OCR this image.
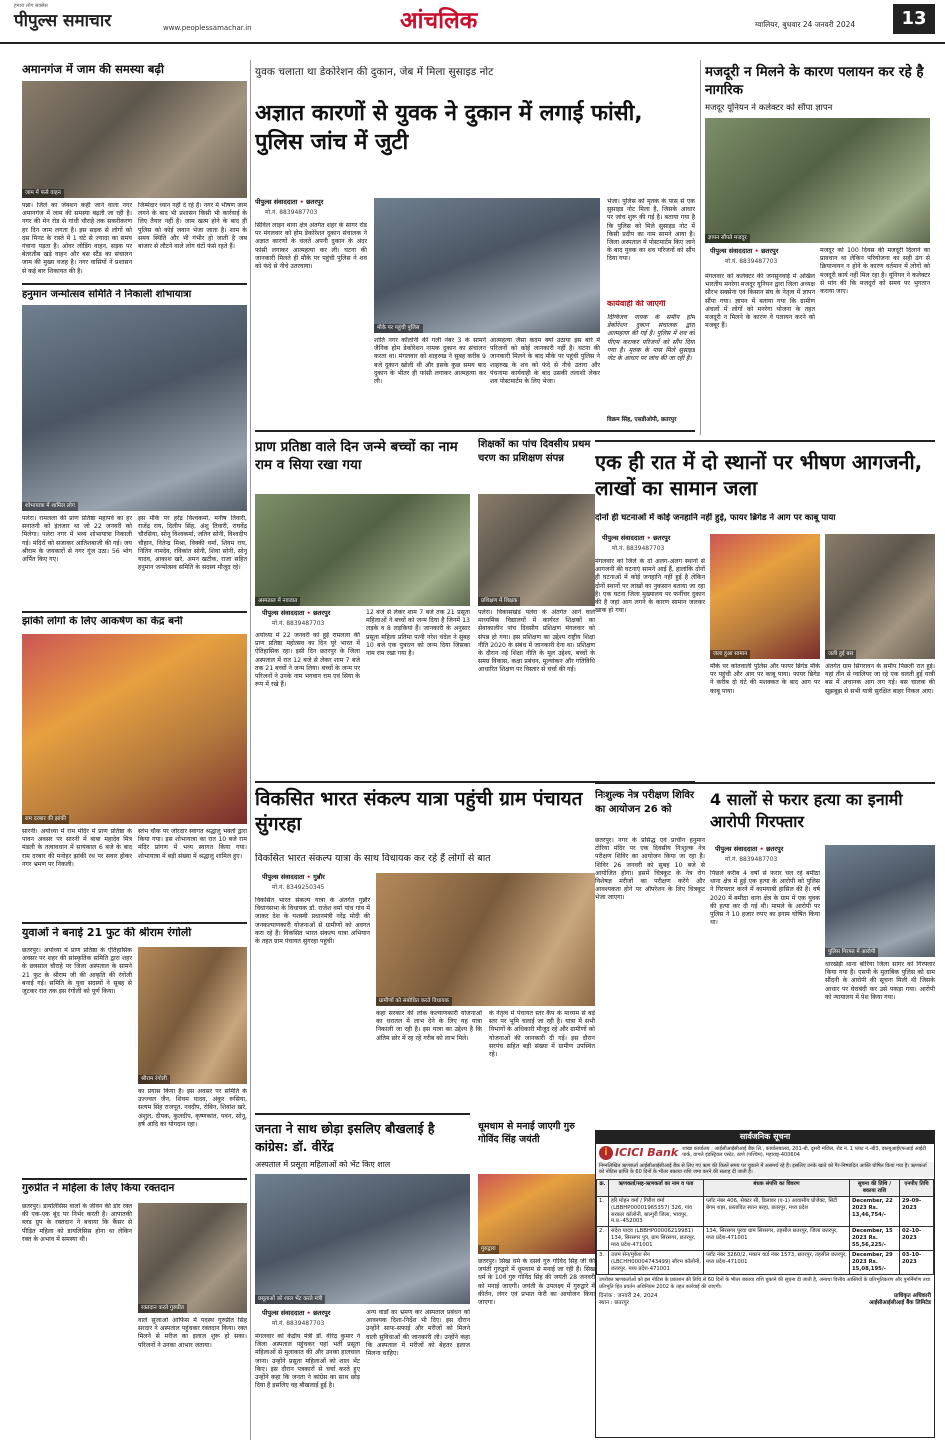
हमारा लोग सक्सेस
पीपुल्स समाचार	www.peoplessamachar.in	आंचलिक	ग्वालियर, बुधवार 24 जनवरी 2024	13
अमानगंज में जाम की समस्या बढ़ी
जाम में फंसे वाहन
पन्ना। जिले का जंक्शन कहीं जाने वाला नगर अमानगंज में जाम की समस्या बढ़ती जा रही है। नगर की मेन रोड से गांधी चौराहे तक सकरीकरण हर दिन जाम लगता है। इस सड़क से लोगों को दस मिनट के रास्ते में 1 घंटे से ज्यादा का समय गंवाना पड़ता है। ओवर लोडिंग वाहन, सड़क पर बेतरतीब खड़े वाहन और बस स्टैंड का संचालन जाम की मुख्य वजह है। नगर वासियों ने प्रशासन से कई बार शिकायत की है।
जिम्मेदार ध्यान नहीं दे रहे हैं। नगर में भीषण जाम लगने के बाद भी प्रशासन किसी भी कार्रवाई के लिए तैयार नहीं है। जाम खत्म होने के बाद ही पुलिस को कोई जवान भेजा जाता है। शाम के समय स्थिति और भी गंभीर हो जाती है जब बाजार से लौटने वाले लोग घंटों फंसे रहते हैं।
हनुमान जन्मोत्सव समिति ने निकाली शोभायात्रा
शोभायात्रा में शामिल लोग
पलेरा। रामलला की प्राण प्रतिष्ठा महापर्व का हर सनातनी को इंतजार था जो 22 जनवरी को मिलेगा। पलेरा नगर में भव्य शोभायात्रा निकाली गई। मंदिरों को सजाकर आतिशबाजी की गई। जय श्रीराम के जयकारों से नगर गूंज उठा। 56 भोग अर्पित किए गए।
इस मौके पर हरेंद्र विश्वकर्मा, मनीष तिवारी, राजेंद्र राय, दिलीप सिंह, अंशु तिवारी, राघवेंद्र चौरसिया, सोनू विश्वकर्मा, जतिन सोनी, विश्वदीप चौहान, नितेन्द्र मिश्रा, विक्की वर्मा, शिवम राय, नितिन नामदेव, रविकांत सोनी, शिवा सोनी, सोनू यादव, आकाश खरे, अमन खटीक, राजा सहित हनुमान जन्मोत्सव समिति के सदस्य मौजूद रहे।
झांकी लोगों के लिए आकर्षण का केंद्र बनी
राम दरबार की झांकी
सारनी। अयोध्या में राम मंदिर में प्राण प्रतिष्ठा के पावन अवसर पर सारनी में बाबा महादेव मित्र मंडली के तत्वावधान में सायंकाल 6 बजे के बाद राम दरबार की मनोहर झांकी रथ पर सवार होकर नगर भ्रमण पर निकली।
स्तंभ चौक पर जोरदार स्वागत श्रद्धालु भक्तों द्वारा किया गया। इस शोभायात्रा का रात 10 बजे राम मंदिर प्रांगण में भव्य स्वागत किया गया। शोभायात्रा में बड़ी संख्या में श्रद्धालु शामिल हुए।
युवाओं ने बनाई 21 फुट की श्रीराम रंगोली
छतरपुर। अयोध्या में प्राण प्रतिष्ठा के ऐतिहासिक अवसर पर शहर की सांस्कृतिक समिति द्वारा शहर के छत्रसाल चौराहे पर जिला अस्पताल के सामने 21 फुट के श्रीराम जी की आकृति की रंगोली बनाई गई। समिति के युवा सदस्यों ने सुबह से जुटकर रात तक इस रंगोली को पूर्ण किया।
श्रीराम रंगोली
का प्रयास किया है। इस अवसर पर समिति के उज्ज्वल जैन, शिवम यादव, अंकुर रूसिया, सत्यम सिंह राजपूत, नवदीप, रोबिन, शिवांश खरे, अंशुल, दीपक, कुलदीप, कृष्णकांत, पवन, सोनू, हर्ष आदि का योगदान रहा।
गुरुप्रीत ने महिला के लिए किया रक्तदान
छतरपुर। डायलिसिस वालों के जीवन की डोर रक्त की एक-एक बूंद पर निर्भर करती है। आपातकी ब्लड ग्रुप के रक्तदान ने बचाया कि कैंसर से पीड़ित महिला को डायलिसिस होना था लेकिन रक्त के अभाव में समस्या थी।
रक्तदान करते गुरुप्रीत
वाले सुजाओ आफिस में पदस्थ गुरुप्रीत सिंह सरदार ने अस्पताल पहुंचकर रक्तदान किया। रक्त मिलने से मरीज का इलाज शुरू हो सका। परिजनों ने उनका आभार जताया।
युवक चलाता था डेकोरेशन की दुकान, जेब में मिला सुसाइड नोट
अज्ञात कारणों से युवक ने दुकान में लगाई फांसी, पुलिस जांच में जुटी
पीपुल्स संवाददाता • छतरपुर
मो.नं. 8839487703
सिविल लाइन थाना क्षेत्र अंतर्गत शहर के सागर रोड पर मंगलवार को होम डेकोरेशन दुकान संचालक ने अज्ञात कारणों के चलते अपनी दुकान के अंदर फांसी लगाकर आत्महत्या कर ली। घटना की जानकारी मिलते ही मौके पर पहुंची पुलिस ने शव को फंदे से नीचे उतरवाया।
मौके पर पहुंची पुलिस
शांति नगर कॉलोनी की गली नंबर 3 के सामने जैनिक होम डेकोरेशन नामक दुकान का संचालन करता था। मंगलवार को शाहरुख ने सुबह करीब 9 बजे दुकान खोली थी और इसके कुछ समय बाद दुकान के भीतर ही फांसी लगाकर आत्महत्या कर ली।
आत्महत्या जैसा कदम क्यों उठाया इस बारे में परिजनों को कोई जानकारी नहीं है। घटना की जानकारी मिलने के बाद मौके पर पहुंची पुलिस ने शाहरुख के शव को फंदे से नीचे उतारा और पंचनामा कार्यवाही के बाद उसकी तलाशी लेकर शव पोस्टमार्टम के लिए भेजा।
भेजा। पुलिस को मृतक के पास से एक सुसाइड नोट मिला है, जिसके आधार पर जांच शुरू की गई है। बताया गया है कि पुलिस को मिले सुसाइड नोट में किसी प्रदीप का नाम सामने आया है। जिला अस्पताल में पोस्टमार्टम किए जाने के बाद युवक का शव परिजनों को सौंप दिया गया।
कार्यवाही की जाएगी
दिग्विजय नायक के समीप होम डेकोरेशन दुकान संचालक द्वारा आत्महत्या की गई है। पुलिस में शव को पीएम कराकर परिजनों को सौंप दिया गया है। मृतक के पास मिले सुसाइड नोट के आधार पर जांच की जा रही है।
विक्रम सिंह, एसडीओपी, छतरपुर
प्राण प्रतिष्ठा वाले दिन जन्मे बच्चों का नाम राम व सिया रखा गया
अस्पताल में नवजात
पीपुल्स संवाददाता • छतरपुर
मो.नं. 8839487703
अयोध्या में 22 जनवरी को हुई रामलला की प्राण प्रतिष्ठा महोत्सव का दिन पूरे भारत में ऐतिहासिक रहा। इसी दिन छतरपुर के जिला अस्पताल में रात 12 बजे से लेकर शाम 7 बजे तक 21 बच्चों ने जन्म लिया। बच्चों के जन्म पर परिजनों ने उनके नाम भगवान राम एवं सिया के रूप में रखे हैं।
12 बजे से लेकर शाम 7 बजे तक 21 प्रसूता महिलाओं ने बच्चों को जन्म दिया है जिनमें 13 लड़के व 8 लड़कियां हैं। जानकारी के अनुसार प्रसूता महिला प्रतिमा पत्नी नरेश चंदेल ने सुबह 10 बजे एक पुत्ररत्न को जन्म दिया जिसका नाम राम रखा गया है।
शिक्षकों का पांच दिवसीय प्रथम चरण का प्रशिक्षण संपन्न
प्रशिक्षण में शिक्षक
पलेरा। विकासखंड पलेरा के अंतर्गत आने वाले माध्यमिक विद्यालयों में कार्यरत शिक्षकों का सेवाकालीन पांच दिवसीय प्रशिक्षण मंगलवार को संपन्न हो गया। इस प्रशिक्षण का उद्देश्य राष्ट्रीय शिक्षा नीति 2020 के संबंध में जानकारी देना था। प्रशिक्षण के दौरान नई शिक्षा नीति के मूल उद्देश्य, बच्चों के समग्र विकास, कक्षा प्रबंधन, मूल्यांकन और गतिविधि आधारित शिक्षण पर विस्तार से चर्चा की गई।
विकसित भारत संकल्प यात्रा पहुंची ग्राम पंचायत सुंगरहा
विकसित भारत संकल्प यात्रा के साथ विधायक कर रहे हैं लोगों से बात
पीपुल्स संवाददाता • गुन्नौर
मो.नं. 8349250345
विकसित भारत संकल्प यात्रा के अंतर्गत गुन्नौर विधानसभा के विधायक डॉ. राजेश वर्मा पांच गांव में जाकर देश के यशस्वी प्रधानमंत्री नरेंद्र मोदी की जनकल्याणकारी योजनाओं से ग्रामीणों को अवगत करा रहे हैं। विकसित भारत संकल्प यात्रा अभियान के तहत ग्राम पंचायत सुंगरहा पहुंची।
ग्रामीणों को संबोधित करते विधायक
कहा सरकार की लोक कल्याणकारी योजनाओं का धरातल में लाभ देने के लिए यह यात्रा निकाली जा रही है। इस यात्रा का उद्देश्य है कि अंतिम छोर में रह रहे गरीब को लाभ मिले।
के नेतृत्व में पंचायत स्तर कैंप के माध्यम से बड़े स्तर पर भूमि चलाई जा रही है। यात्रा में सभी विभागों के अधिकारी मौजूद रहे और ग्रामीणों को योजनाओं की जानकारी दी गई। इस दौरान सरपंच सहित बड़ी संख्या में ग्रामीण उपस्थित रहे।
जनता ने साथ छोड़ा इसलिए बौखलाई है कांग्रेस: डॉ. वीरेंद्र
अस्पताल में प्रसूता महिलाओं को भेंट किए शाल
प्रसूताओं को शाल भेंट करते मंत्री
पीपुल्स संवाददाता • छतरपुर
मो.नं. 8839487703
मंगलवार को केंद्रीय मंत्री डॉ. वीरेंद्र कुमार ने जिला अस्पताल पहुंचकर यहां भर्ती प्रसूता महिलाओं से मुलाकात की और उनका हालचाल जाना। उन्होंने प्रसूता महिलाओं को शाल भेंट किए। इस दौरान पत्रकारों से चर्चा करते हुए उन्होंने कहा कि जनता ने कांग्रेस का साथ छोड़ दिया है इसलिए वह बौखलाई हुई है।
अन्य वार्डों का भ्रमण कर अस्पताल प्रबंधन को आवश्यक दिशा-निर्देश भी दिए। इस दौरान उन्होंने साफ-सफाई और मरीजों को मिलने वाली सुविधाओं की जानकारी ली। उन्होंने कहा कि अस्पताल में मरीजों को बेहतर इलाज मिलना चाहिए।
धूमधाम से मनाई जाएगी गुरु गोविंद सिंह जयंती
गुरुद्वारा
छतरपुर। सिख धर्म के दसवें गुरु गोविंद सिंह जी की जयंती गुरुद्वारे में धूमधाम से मनाई जा रही है। सिख धर्म के 10वें गुरु गोविंद सिंह की जयंती 28 जनवरी को मनाई जाएगी। जयंती के उपलक्ष्य में गुरुद्वारे में कीर्तन, लंगर एवं प्रभात फेरी का आयोजन किया जाएगा।
मजदूरी न मिलने के कारण पलायन कर रहे है नागरिक
मजदूर यूनियन ने कलेक्टर को सौंपा ज्ञापन
ज्ञापन सौंपते मजदूर
पीपुल्स संवाददाता • छतरपुर
मो.नं. 8839487703
मंगलवार को कलेक्टर की जनसुनवाई में अखिल भारतीय मनरेगा मजदूर यूनियन द्वारा जिला अध्यक्ष सौरभ सक्सेना एवं किसान संघ के नेतृत्व में ज्ञापन सौंपा गया। ज्ञापन में बताया गया कि ग्रामीण अंचलों में लोगों को मनरेगा योजना के तहत मजदूरी न मिलने के कारण वे पलायन करने को मजबूर हैं।
मजदूर को 100 दिवस की मजदूरी दिलाने का प्रावधान था लेकिन परियोजना का सही ढंग से क्रियान्वयन न होने के कारण वर्तमान में लोगों को मजदूरी कार्य नहीं मिल रहा है। यूनियन ने कलेक्टर से मांग की कि मजदूरों को समय पर भुगतान कराया जाए।
एक ही रात में दो स्थानों पर भीषण आगजनी, लाखों का सामान जला
दोनों ही घटनाओं में कोई जनहानि नहीं हुई, फायर ब्रिगेड ने आग पर काबू पाया
पीपुल्स संवाददाता • छतरपुर
मो.नं. 8839487703
मंगलवार को जिले के दो अलग-अलग स्थानों से आगजनी की घटनाएं सामने आई हैं, हालांकि दोनों ही घटनाओं में कोई जनहानि नहीं हुई है लेकिन दोनों स्थानों पर लाखों का नुकसान बताया जा रहा है। एक घटना जिला मुख्यालय पर फर्नीचर दुकान की है जहां आग लगने के कारण सामान जलकर खाक हो गया।
जला हुआ सामान	जली हुई बस
मौके पर कोतवाली पुलिस और फायर ब्रिगेड मौके पर पहुंची और आग पर काबू पाया। फायर ब्रिगेड ने करीब दो घंटे की मशक्कत के बाद आग पर काबू पाया।
अंतर्गत ग्राम सिंगरावन के समीप पिछली रात हुई। यहां तीन से ग्वालियर जा रहे एक चलती हुई यात्री बस में अचानक आग लग गई। बस चालक की सूझबूझ से सभी यात्री सुरक्षित बाहर निकल आए।
निःशुल्क नेत्र परीक्षण शिविर का आयोजन 26 को
छतरपुर। नगर के प्रसिद्ध एवं प्राचीन हनुमान टोरिया मंदिर पर एक दिवसीय निःशुल्क नेत्र परीक्षण शिविर का आयोजन किया जा रहा है। शिविर 26 जनवरी को सुबह 10 बजे से आयोजित होगा। इसमें चित्रकूट के नेत्र रोग विशेषज्ञ मरीजों का परीक्षण करेंगे और आवश्यकता होने पर ऑपरेशन के लिए चित्रकूट भेजा जाएगा।
4 सालों से फरार हत्या का इनामी आरोपी गिरफ्तार
पीपुल्स संवाददाता • छतरपुर
मो.नं. 8839487703
पुलिस गिरफ्त में आरोपी
पिछले करीब 4 वर्षों से फरार चल रहे बमीठा थाना क्षेत्र में हुई एक हत्या के आरोपी को पुलिस ने गिरफ्तार करने में कामयाबी हासिल की है। वर्ष 2020 में बमीठा थाना क्षेत्र के ग्राम में एक युवक की हत्या कर दी गई थी। मामले के आरोपी पर पुलिस ने 10 हजार रुपए का इनाम घोषित किया था।
धारखेड़ी थाना बोरिया जिला सागर को गिरफ्तार किया गया है। एसपी के मुताबिक पुलिस को ग्राम सौंदनी के आरोपी की सूचना मिली थी जिसके आधार पर घेराबंदी कर उसे पकड़ा गया। आरोपी को न्यायालय में पेश किया गया।
सार्वजनिक सूचना
i ICICI Bank शाखा कार्यालय : आईसीआईसीआई बैंक लि., कार्यालयालय, 201-बी, दूसरी मंजिल, रोड नं. 1 प्लाट नं.-बी3, डब्ल्यूआईएफआई आईटी पार्क, वागले इंडस्ट्रियल एस्टेट, ठाणे (पश्चिम), महाराष्ट्र-400604
निम्नलिखित ऋणकर्ता आईसीआईसीआई बैंक से लिए गए ऋण की किस्तें समय पर चुकाने में असमर्थ रहे हैं। इसलिए उनके खाते को गैर-निष्पादित आस्ति घोषित किया गया है। ऋणकर्ता को नोटिस प्राप्ति के 60 दिनों के भीतर बकाया राशि जमा करने की सलाह दी जाती है।
क्र.	ऋणकर्ता/सह-ऋणकर्ता का नाम व पता	बंधक संपत्ति का विवरण	सूचना की तिथि / बकाया राशि	एनपीए तिथि
1.	हरि मोहन वर्मा / गिरीश वर्मा (LBBHP00001965357) 326, गांव सरकार कॉलोनी, बाल्गुरी जिला, भावपुर, म.प्र.-452003	प्लॉट नंबर 406, सेक्टर सी, डिलावर (ए-1) आवासीय प्रोजेक्ट, सिटी बेगम शहर, प्रस्तावित स्थान बरहा, छतरपुर, मध्य प्रदेश	December, 22 2023 Rs. 13,46,754/-	29-09-2023
2.	संदेश यादव (LBBHP00006219981) 134, सिरसगर पुत्र, ग्राम सिरसगर, छतरपुर, मध्य प्रदेश-471001	134, सिरसगर पुरवा ग्राम सिरसगर, तहसील छतरपुर, जिला छतरपुर, मध्य प्रदेश-471001	December, 15 2023 Rs. 55,56,225/-	02-10-2023
3.	उत्तम सेन/मुकेश सेन (LBCHH00004743499) सौरभ कॉलोनी, छतरपुर, मध्य प्रदेश-471001	प्लॉट नंबर 3260/2, मकान वार्ड नंबर 1573, छतरपुर, तहसील छतरपुर, मध्य प्रदेश-471001	December, 29 2023 Rs. 15,08,195/-	03-10-2023
उपरोक्त ऋणकर्ताओं को इस नोटिस के प्रकाशन की तिथि से 60 दिनों के भीतर बकाया राशि चुकाने की सूचना दी जाती है, अन्यथा वित्तीय आस्तियों के प्रतिभूतिकरण और पुनर्निर्माण तथा प्रतिभूति हित प्रवर्तन अधिनियम 2002 के तहत कार्रवाई की जाएगी।
दिनांक : जनवरी 24, 2024
स्थान : छतरपुर
प्राधिकृत अधिकारी
आईसीआईसीआई बैंक लिमिटेड
